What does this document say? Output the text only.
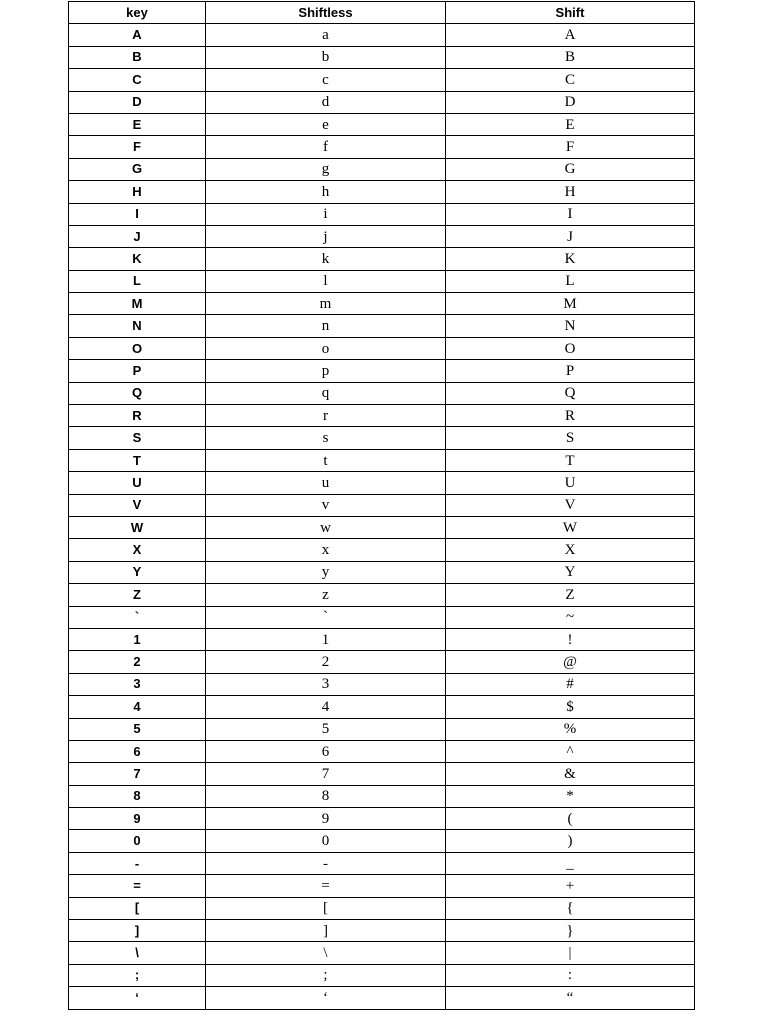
key	Shiftless	Shift
A	a	A
B	b	B
C	c	C
D	d	D
E	e	E
F	f	F
G	g	G
H	h	H
I	i	I
J	j	J
K	k	K
L	l	L
M	m	M
N	n	N
O	o	O
P	p	P
Q	q	Q
R	r	R
S	s	S
T	t	T
U	u	U
V	v	V
W	w	W
X	x	X
Y	y	Y
Z	z	Z
`	`	~
1	1	!
2	2	@
3	3	#
4	4	$
5	5	%
6	6	^
7	7	&
8	8	*
9	9	(
0	0	)
-	-	_
=	=	+
[	[	{
]	]	}
\	\	|
;	;	:
‘	‘	“
